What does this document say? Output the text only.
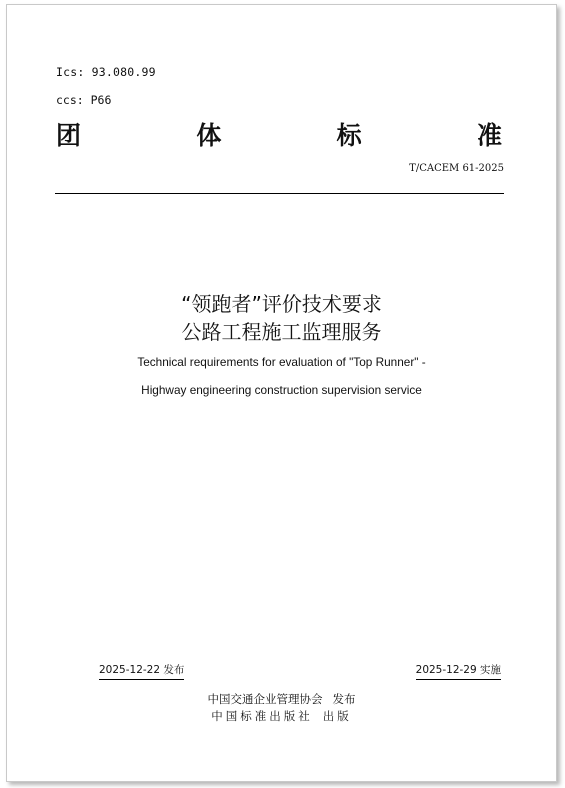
Ics: 93.080.99
ccs: P66
团	体	标	准
T/CACEM 61-2025
“领跑者”评价技术要求
公路工程施工监理服务
Technical requirements for evaluation of "Top Runner" -
Highway engineering construction supervision service
2025-12-22 发布	2025-12-29 实施
中国交通企业管理协会 发布
中国标准出版社 出版
